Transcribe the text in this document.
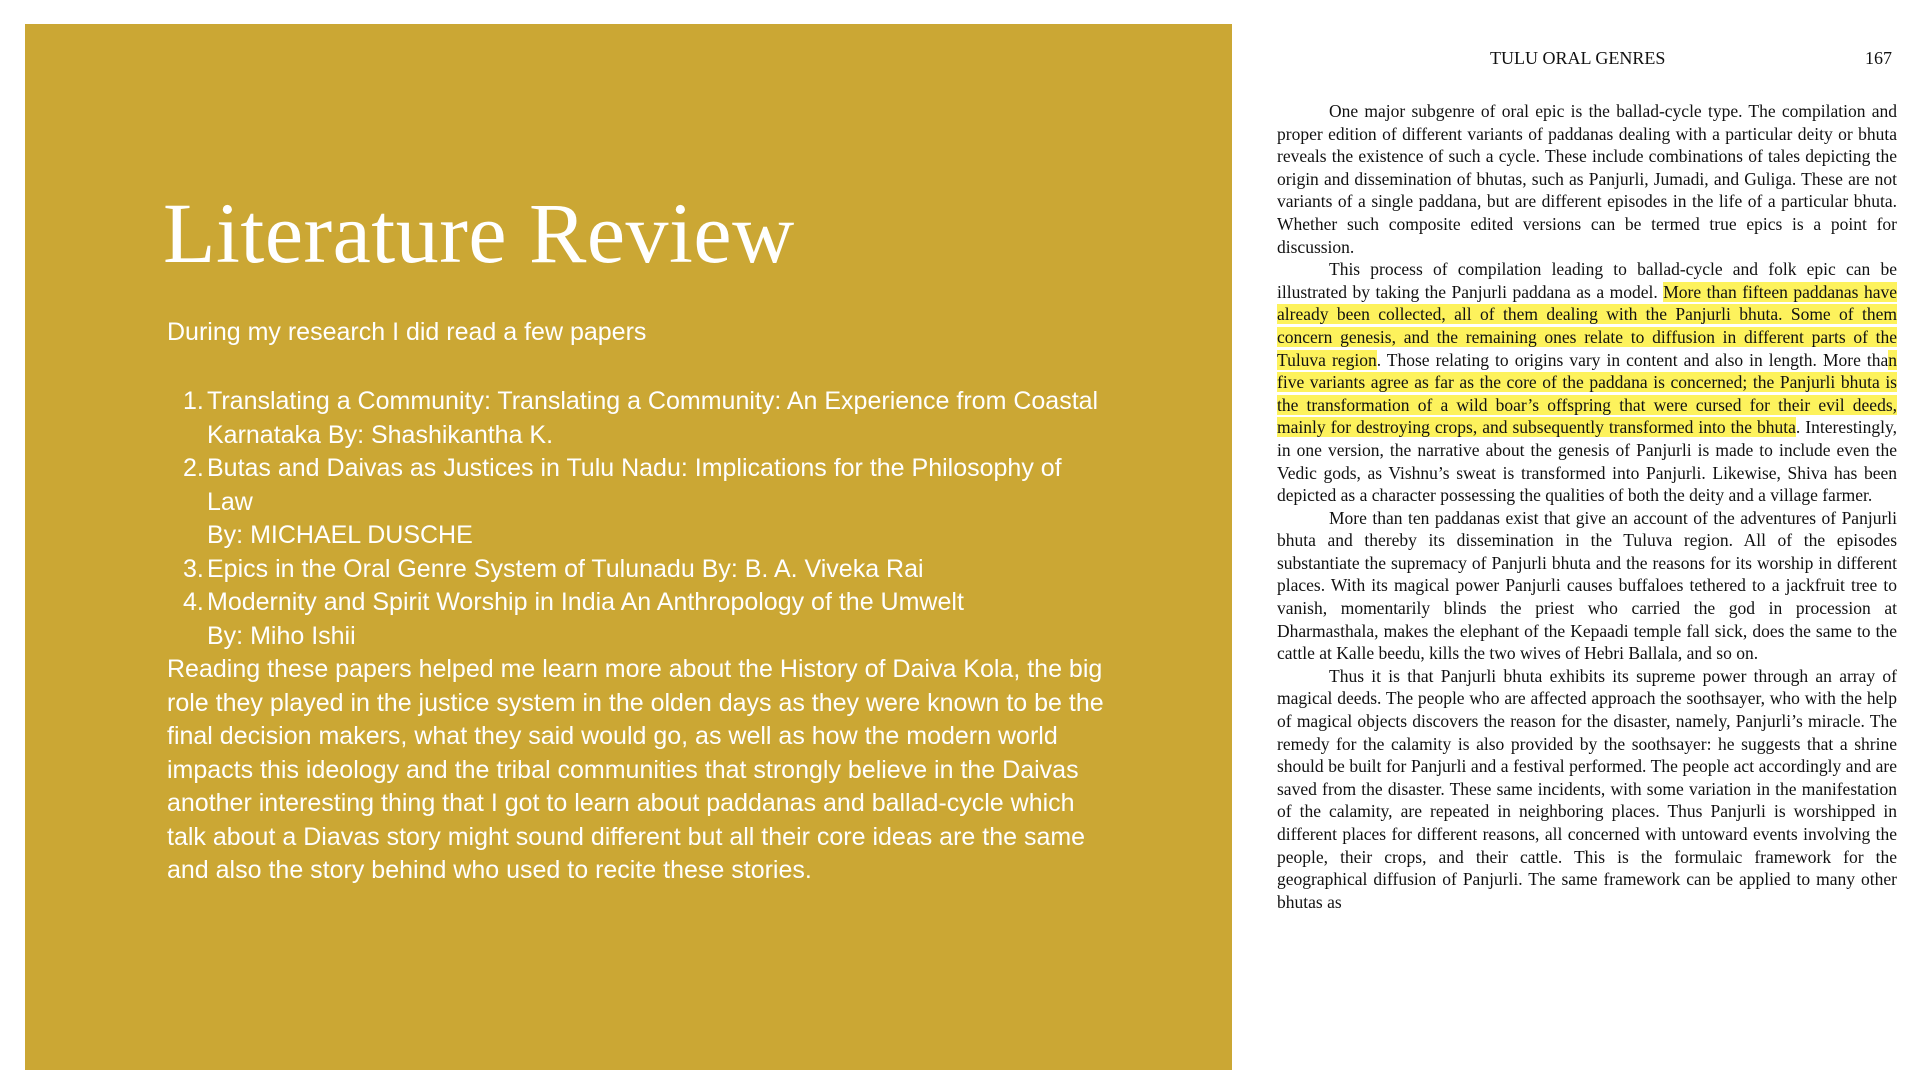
Literature Review
During my research I did read a few papers
1. Translating a Community: Translating a Community: An Experience from Coastal
Karnataka By: Shashikantha K.
2. Butas and Daivas as Justices in Tulu Nadu: Implications for the Philosophy of Law
By: MICHAEL DUSCHE
3. Epics in the Oral Genre System of Tulunadu By: B. A. Viveka Rai
4. Modernity and Spirit Worship in India An Anthropology of the Umwelt
By: Miho Ishii

Reading these papers helped me learn more about the History of Daiva Kola, the big role they played in the justice system in the olden days as they were known to be the final decision makers, what they said would go, as well as how the modern world impacts this ideology and the tribal communities that strongly believe in the Daivas another interesting thing that I got to learn about paddanas and ballad-cycle which talk about a Diavas story might sound different but all their core ideas are the same and also the story behind who used to recite these stories.

TULU ORAL GENRES	167

One major subgenre of oral epic is the ballad-cycle type. The compilation and proper edition of different variants of paddanas dealing with a particular deity or bhuta reveals the existence of such a cycle. These include combinations of tales depicting the origin and dissemination of bhutas, such as Panjurli, Jumadi, and Guliga. These are not variants of a single paddana, but are different episodes in the life of a particular bhuta. Whether such composite edited versions can be termed true epics is a point for discussion.

This process of compilation leading to ballad-cycle and folk epic can be illustrated by taking the Panjurli paddana as a model. More than fifteen paddanas have already been collected, all of them dealing with the Panjurli bhuta. Some of them concern genesis, and the remaining ones relate to diffusion in different parts of the Tuluva region. Those relating to origins vary in content and also in length. More than five variants agree as far as the core of the paddana is concerned; the Panjurli bhuta is the transformation of a wild boar’s offspring that were cursed for their evil deeds, mainly for destroying crops, and subsequently transformed into the bhuta. Interestingly, in one version, the narrative about the genesis of Panjurli is made to include even the Vedic gods, as Vishnu’s sweat is transformed into Panjurli. Likewise, Shiva has been depicted as a character possessing the qualities of both the deity and a village farmer.

More than ten paddanas exist that give an account of the adventures of Panjurli bhuta and thereby its dissemination in the Tuluva region. All of the episodes substantiate the supremacy of Panjurli bhuta and the reasons for its worship in different places. With its magical power Panjurli causes buffaloes tethered to a jackfruit tree to vanish, momentarily blinds the priest who carried the god in procession at Dharmasthala, makes the elephant of the Kepaadi temple fall sick, does the same to the cattle at Kalle beedu, kills the two wives of Hebri Ballala, and so on.

Thus it is that Panjurli bhuta exhibits its supreme power through an array of magical deeds. The people who are affected approach the soothsayer, who with the help of magical objects discovers the reason for the disaster, namely, Panjurli’s miracle. The remedy for the calamity is also provided by the soothsayer: he suggests that a shrine should be built for Panjurli and a festival performed. The people act accordingly and are saved from the disaster. These same incidents, with some variation in the manifestation of the calamity, are repeated in neighboring places. Thus Panjurli is worshipped in different places for different reasons, all concerned with untoward events involving the people, their crops, and their cattle. This is the formulaic framework for the geographical diffusion of Panjurli. The same framework can be applied to many other bhutas as
